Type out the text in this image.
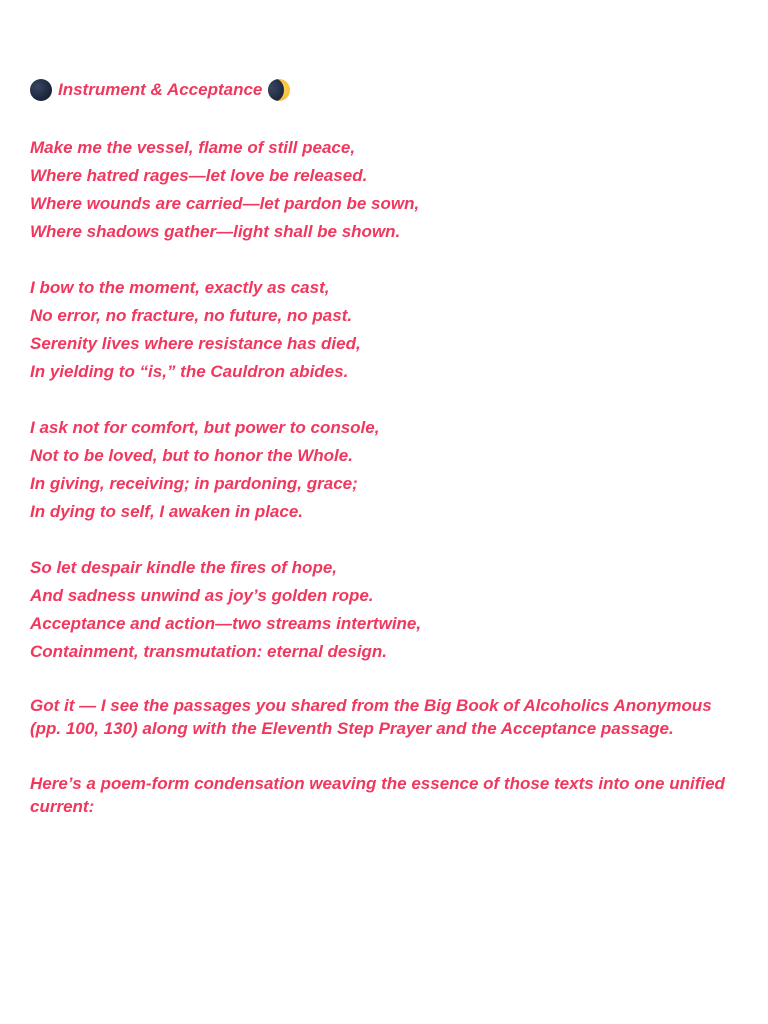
Instrument & Acceptance
Make me the vessel, flame of still peace,
Where hatred rages—let love be released.
Where wounds are carried—let pardon be sown,
Where shadows gather—light shall be shown.
I bow to the moment, exactly as cast,
No error, no fracture, no future, no past.
Serenity lives where resistance has died,
In yielding to “is,” the Cauldron abides.
I ask not for comfort, but power to console,
Not to be loved, but to honor the Whole.
In giving, receiving; in pardoning, grace;
In dying to self, I awaken in place.
So let despair kindle the fires of hope,
And sadness unwind as joy’s golden rope.
Acceptance and action—two streams intertwine,
Containment, transmutation: eternal design.

Got it — I see the passages you shared from the Big Book of Alcoholics Anonymous (pp. 100, 130) along with the Eleventh Step Prayer and the Acceptance passage.

Here’s a poem-form condensation weaving the essence of those texts into one unified current:
